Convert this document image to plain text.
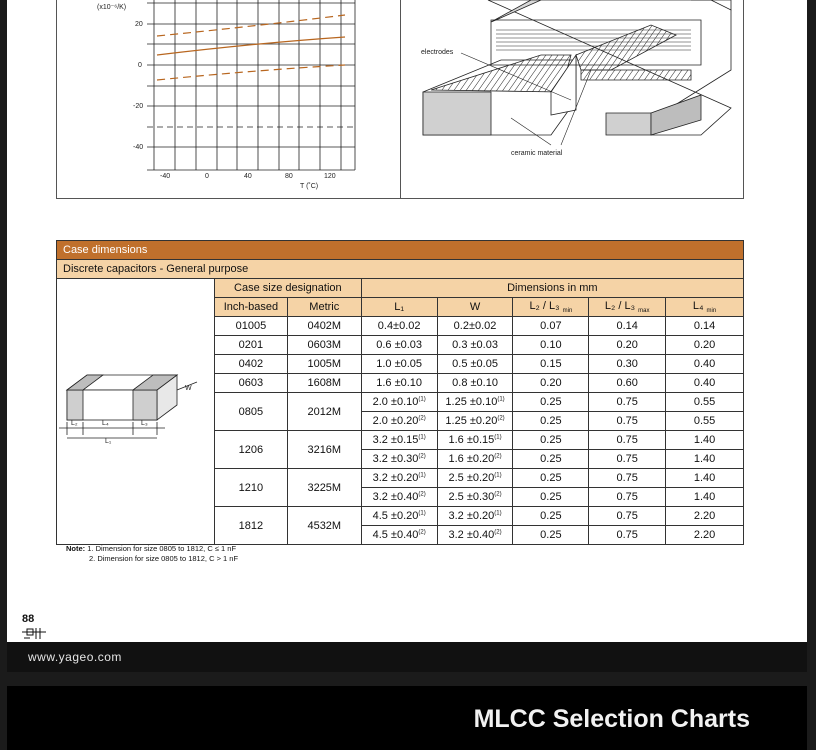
(x10⁻⁶/K)
20
0
-20
-40
-40	0	40	80	120
T (˚C)
electrodes
ceramic material
Case dimensions							
Discrete capacitors - General purpose							

L₂ L₄ L₃
L₁
W	Case size designation		Dimensions in mm				
	Inch-based	Metric	L₁	W	L₂ / L₃ $_{min}$	L₂ / L₃ $_{max}$	L₄ $_{min}$
	01005	0402M	0.4±0.02	0.2±0.02	0.07	0.14	0.14
	0201	0603M	0.6 ±0.03	0.3 ±0.03	0.10	0.20	0.20
	0402	1005M	1.0 ±0.05	0.5 ±0.05	0.15	0.30	0.40
	0603	1608M	1.6 ±0.10	0.8 ±0.10	0.20	0.60	0.40
	0805	2012M	$2.0 \pm 0.10^{(1)}$	$1.25 \pm 0.10^{(1)}$	0.25	0.75	0.55
			$2.0 \pm 0.20^{(2)}$	$1.25 \pm 0.20^{(2)}$	0.25	0.75	0.55
	1206	3216M	$3.2 \pm 0.15^{(1)}$	$1.6 \pm 0.15^{(1)}$	0.25	0.75	1.40
			$3.2 \pm 0.30^{(2)}$	$1.6 \pm 0.20^{(2)}$	0.25	0.75	1.40
	1210	3225M	$3.2 \pm 0.20^{(1)}$	$2.5 \pm 0.20^{(1)}$	0.25	0.75	1.40
			$3.2 \pm 0.40^{(2)}$	$2.5 \pm 0.30^{(2)}$	0.25	0.75	1.40
	1812	4532M	$4.5 \pm 0.20^{(1)}$	$3.2 \pm 0.20^{(1)}$	0.25	0.75	2.20
			$4.5 \pm 0.40^{(2)}$	$3.2 \pm 0.40^{(2)}$	0.25	0.75	2.20
Note: 1. Dimension for size 0805 to 1812, C ≤ 1 nF
2. Dimension for size 0805 to 1812, C > 1 nF
88
www.yageo.com
MLCC Selection Charts
